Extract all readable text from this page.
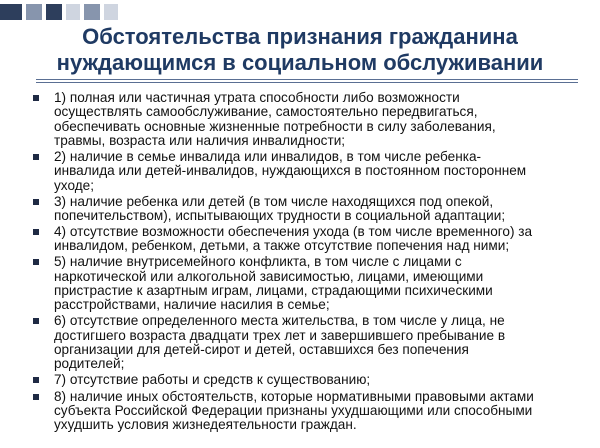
Обстоятельства признания гражданина
нуждающимся в социальном обслуживании
1) полная или частичная утрата способности либо возможности
осуществлять самообслуживание, самостоятельно передвигаться,
обеспечивать основные жизненные потребности в силу заболевания,
травмы, возраста или наличия инвалидности;
2) наличие в семье инвалида или инвалидов, в том числе ребенка-
инвалида или детей-инвалидов, нуждающихся в постоянном постороннем
уходе;
3) наличие ребенка или детей (в том числе находящихся под опекой,
попечительством), испытывающих трудности в социальной адаптации;
4) отсутствие возможности обеспечения ухода (в том числе временного) за
инвалидом, ребенком, детьми, а также отсутствие попечения над ними;
5) наличие внутрисемейного конфликта, в том числе с лицами с
наркотической или алкогольной зависимостью, лицами, имеющими
пристрастие к азартным играм, лицами, страдающими психическими
расстройствами, наличие насилия в семье;
6) отсутствие определенного места жительства, в том числе у лица, не
достигшего возраста двадцати трех лет и завершившего пребывание в
организации для детей-сирот и детей, оставшихся без попечения
родителей;
7) отсутствие работы и средств к существованию;
8) наличие иных обстоятельств, которые нормативными правовыми актами
субъекта Российской Федерации признаны ухудшающими или способными
ухудшить условия жизнедеятельности граждан.
